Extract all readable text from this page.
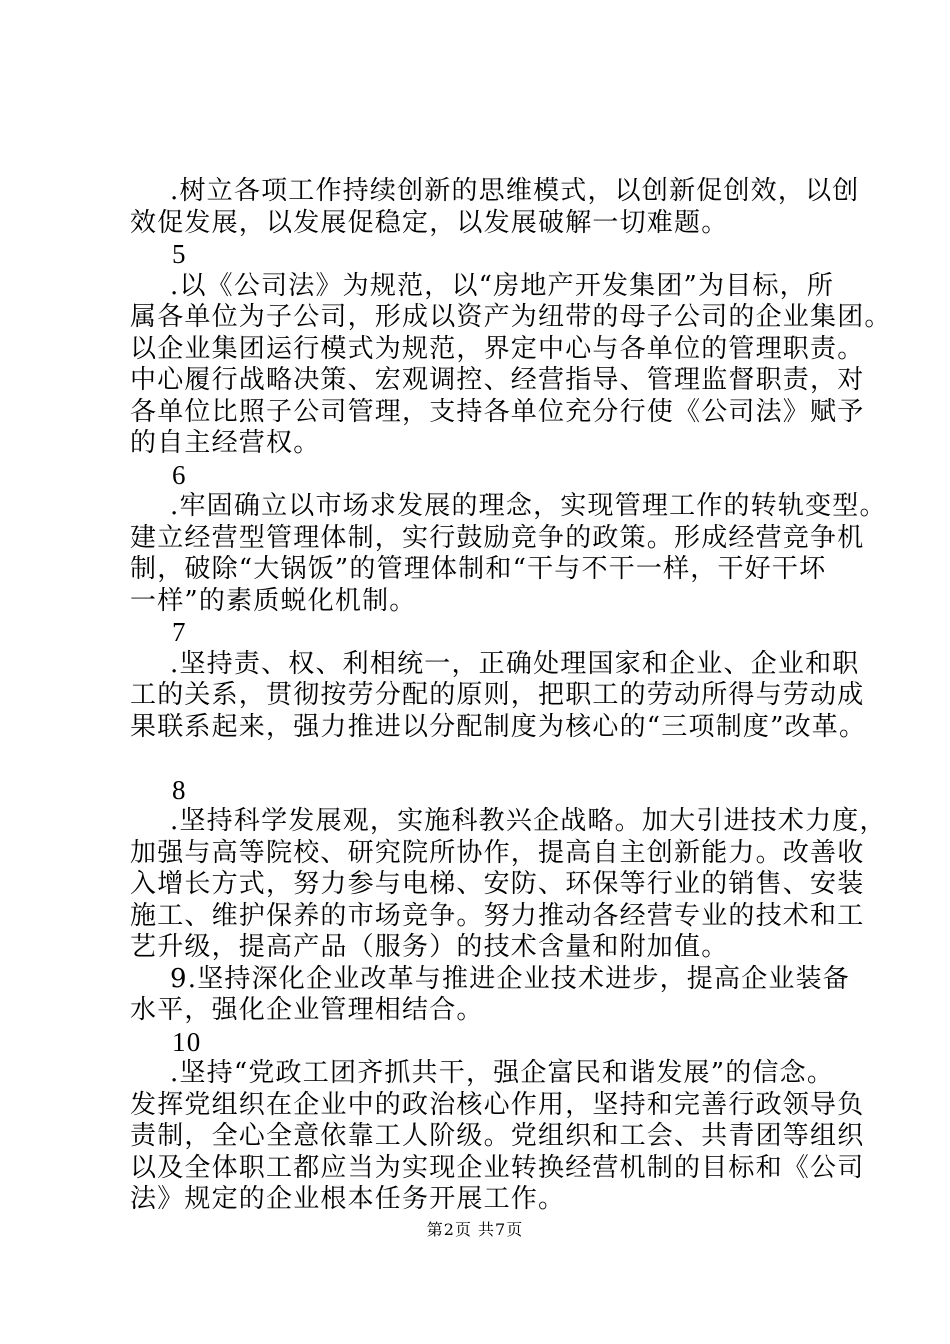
.树立各项工作持续创新的思维模式，以创新促创效，以创
效促发展，以发展促稳定，以发展破解一切难题。
5
.以《公司法》为规范，以“房地产开发集团”为目标，所
属各单位为子公司，形成以资产为纽带的母子公司的企业集团。
以企业集团运行模式为规范，界定中心与各单位的管理职责。
中心履行战略决策、宏观调控、经营指导、管理监督职责，对
各单位比照子公司管理，支持各单位充分行使《公司法》赋予
的自主经营权。
6
.牢固确立以市场求发展的理念，实现管理工作的转轨变型。
建立经营型管理体制，实行鼓励竞争的政策。形成经营竞争机
制，破除“大锅饭”的管理体制和“干与不干一样，干好干坏
一样”的素质蜕化机制。
7
.坚持责、权、利相统一，正确处理国家和企业、企业和职
工的关系，贯彻按劳分配的原则，把职工的劳动所得与劳动成
果联系起来，强力推进以分配制度为核心的“三项制度”改革。
8
.坚持科学发展观，实施科教兴企战略。加大引进技术力度，
加强与高等院校、研究院所协作，提高自主创新能力。改善收
入增长方式，努力参与电梯、安防、环保等行业的销售、安装
施工、维护保养的市场竞争。努力推动各经营专业的技术和工
艺升级，提高产品（服务）的技术含量和附加值。
9.坚持深化企业改革与推进企业技术进步，提高企业装备
水平，强化企业管理相结合。
10
.坚持“党政工团齐抓共干，强企富民和谐发展”的信念。
发挥党组织在企业中的政治核心作用，坚持和完善行政领导负
责制，全心全意依靠工人阶级。党组织和工会、共青团等组织
以及全体职工都应当为实现企业转换经营机制的目标和《公司
法》规定的企业根本任务开展工作。
第2页 共7页
